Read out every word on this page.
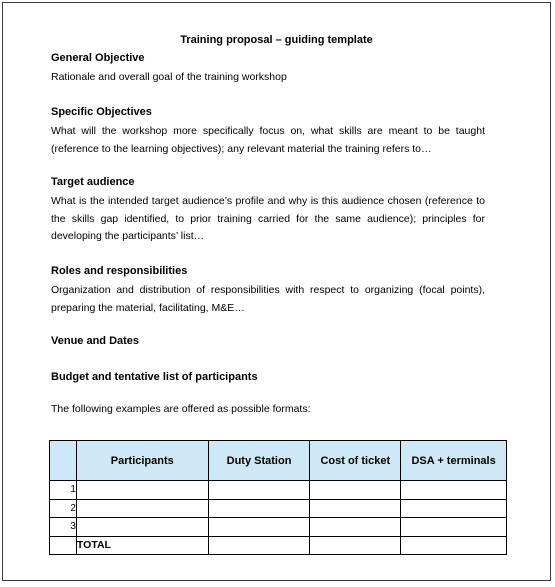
Training proposal – guiding template
General Objective
Rationale and overall goal of the training workshop
Specific Objectives
What will the workshop more specifically focus on, what skills are meant to be taught (reference to the learning objectives); any relevant material the training refers to…
Target audience
What is the intended target audience’s profile and why is this audience chosen (reference to the skills gap identified, to prior training carried for the same audience); principles for developing the participants’ list…
Roles and responsibilities
Organization and distribution of responsibilities with respect to organizing (focal points), preparing the material, facilitating, M&E…
Venue and Dates
Budget and tentative list of participants
The following examples are offered as possible formats:
	Participants	Duty Station	Cost of ticket	DSA + terminals
1				
2				
3				
	TOTAL			
